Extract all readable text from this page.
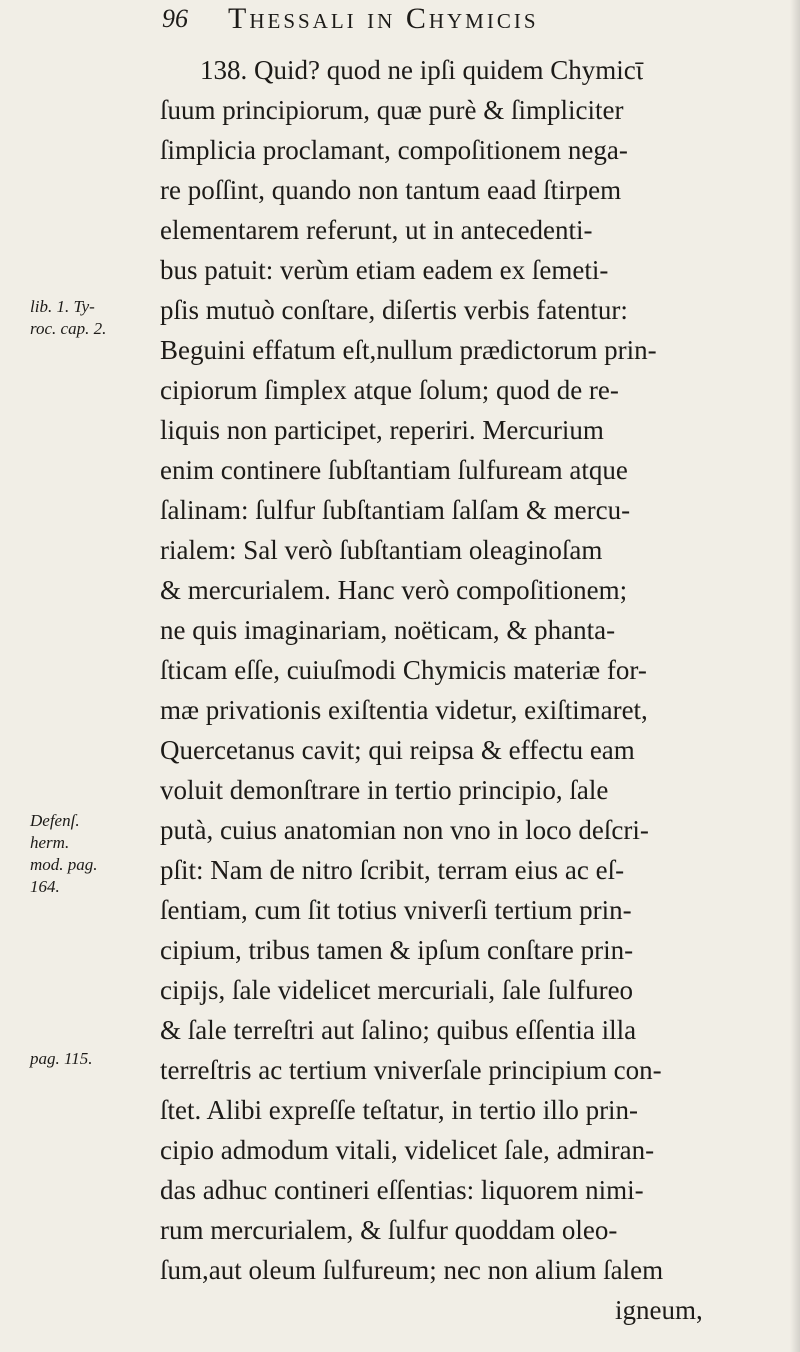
96 Thessali in Chymicis
lib. 1. Ty-
roc. cap. 2.
Defenſ.
herm.
mod. pag.
164.
pag. 115.
138. Quid? quod ne ipſi quidem Chymicῑ
ſuum principiorum, quæ purè & ſimpliciter
ſimplicia proclamant, compoſitionem nega-
re poſſint, quando non tantum eaad ſtirpem
elementarem referunt, ut in antecedenti-
bus patuit: verùm etiam eadem ex ſemeti-
pſis mutuò conſtare, diſertis verbis fatentur:
Beguini effatum eſt,nullum prædictorum prin-
cipiorum ſimplex atque ſolum; quod de re-
liquis non participet, reperiri. Mercurium
enim continere ſubſtantiam ſulfuream atque
ſalinam: ſulfur ſubſtantiam ſalſam & mercu-
rialem: Sal verò ſubſtantiam oleaginoſam
& mercurialem. Hanc verò compoſitionem;
ne quis imaginariam, noëticam, & phanta-
ſticam eſſe, cuiuſmodi Chymicis materiæ for-
mæ privationis exiſtentia videtur, exiſtimaret,
Quercetanus cavit; qui reipsa & effectu eam
voluit demonſtrare in tertio principio, ſale
putà, cuius anatomian non vno in loco deſcri-
pſit: Nam de nitro ſcribit, terram eius ac eſ-
ſentiam, cum ſit totius vniverſi tertium prin-
cipium, tribus tamen & ipſum conſtare prin-
cipijs, ſale videlicet mercuriali, ſale ſulfureo
& ſale terreſtri aut ſalino; quibus eſſentia illa
terreſtris ac tertium vniverſale principium con-
ſtet. Alibi expreſſe teſtatur, in tertio illo prin-
cipio admodum vitali, videlicet ſale, admiran-
das adhuc contineri eſſentias: liquorem nimi-
rum mercurialem, & ſulfur quoddam oleo-
ſum,aut oleum ſulfureum; nec non alium ſalem
igneum,
